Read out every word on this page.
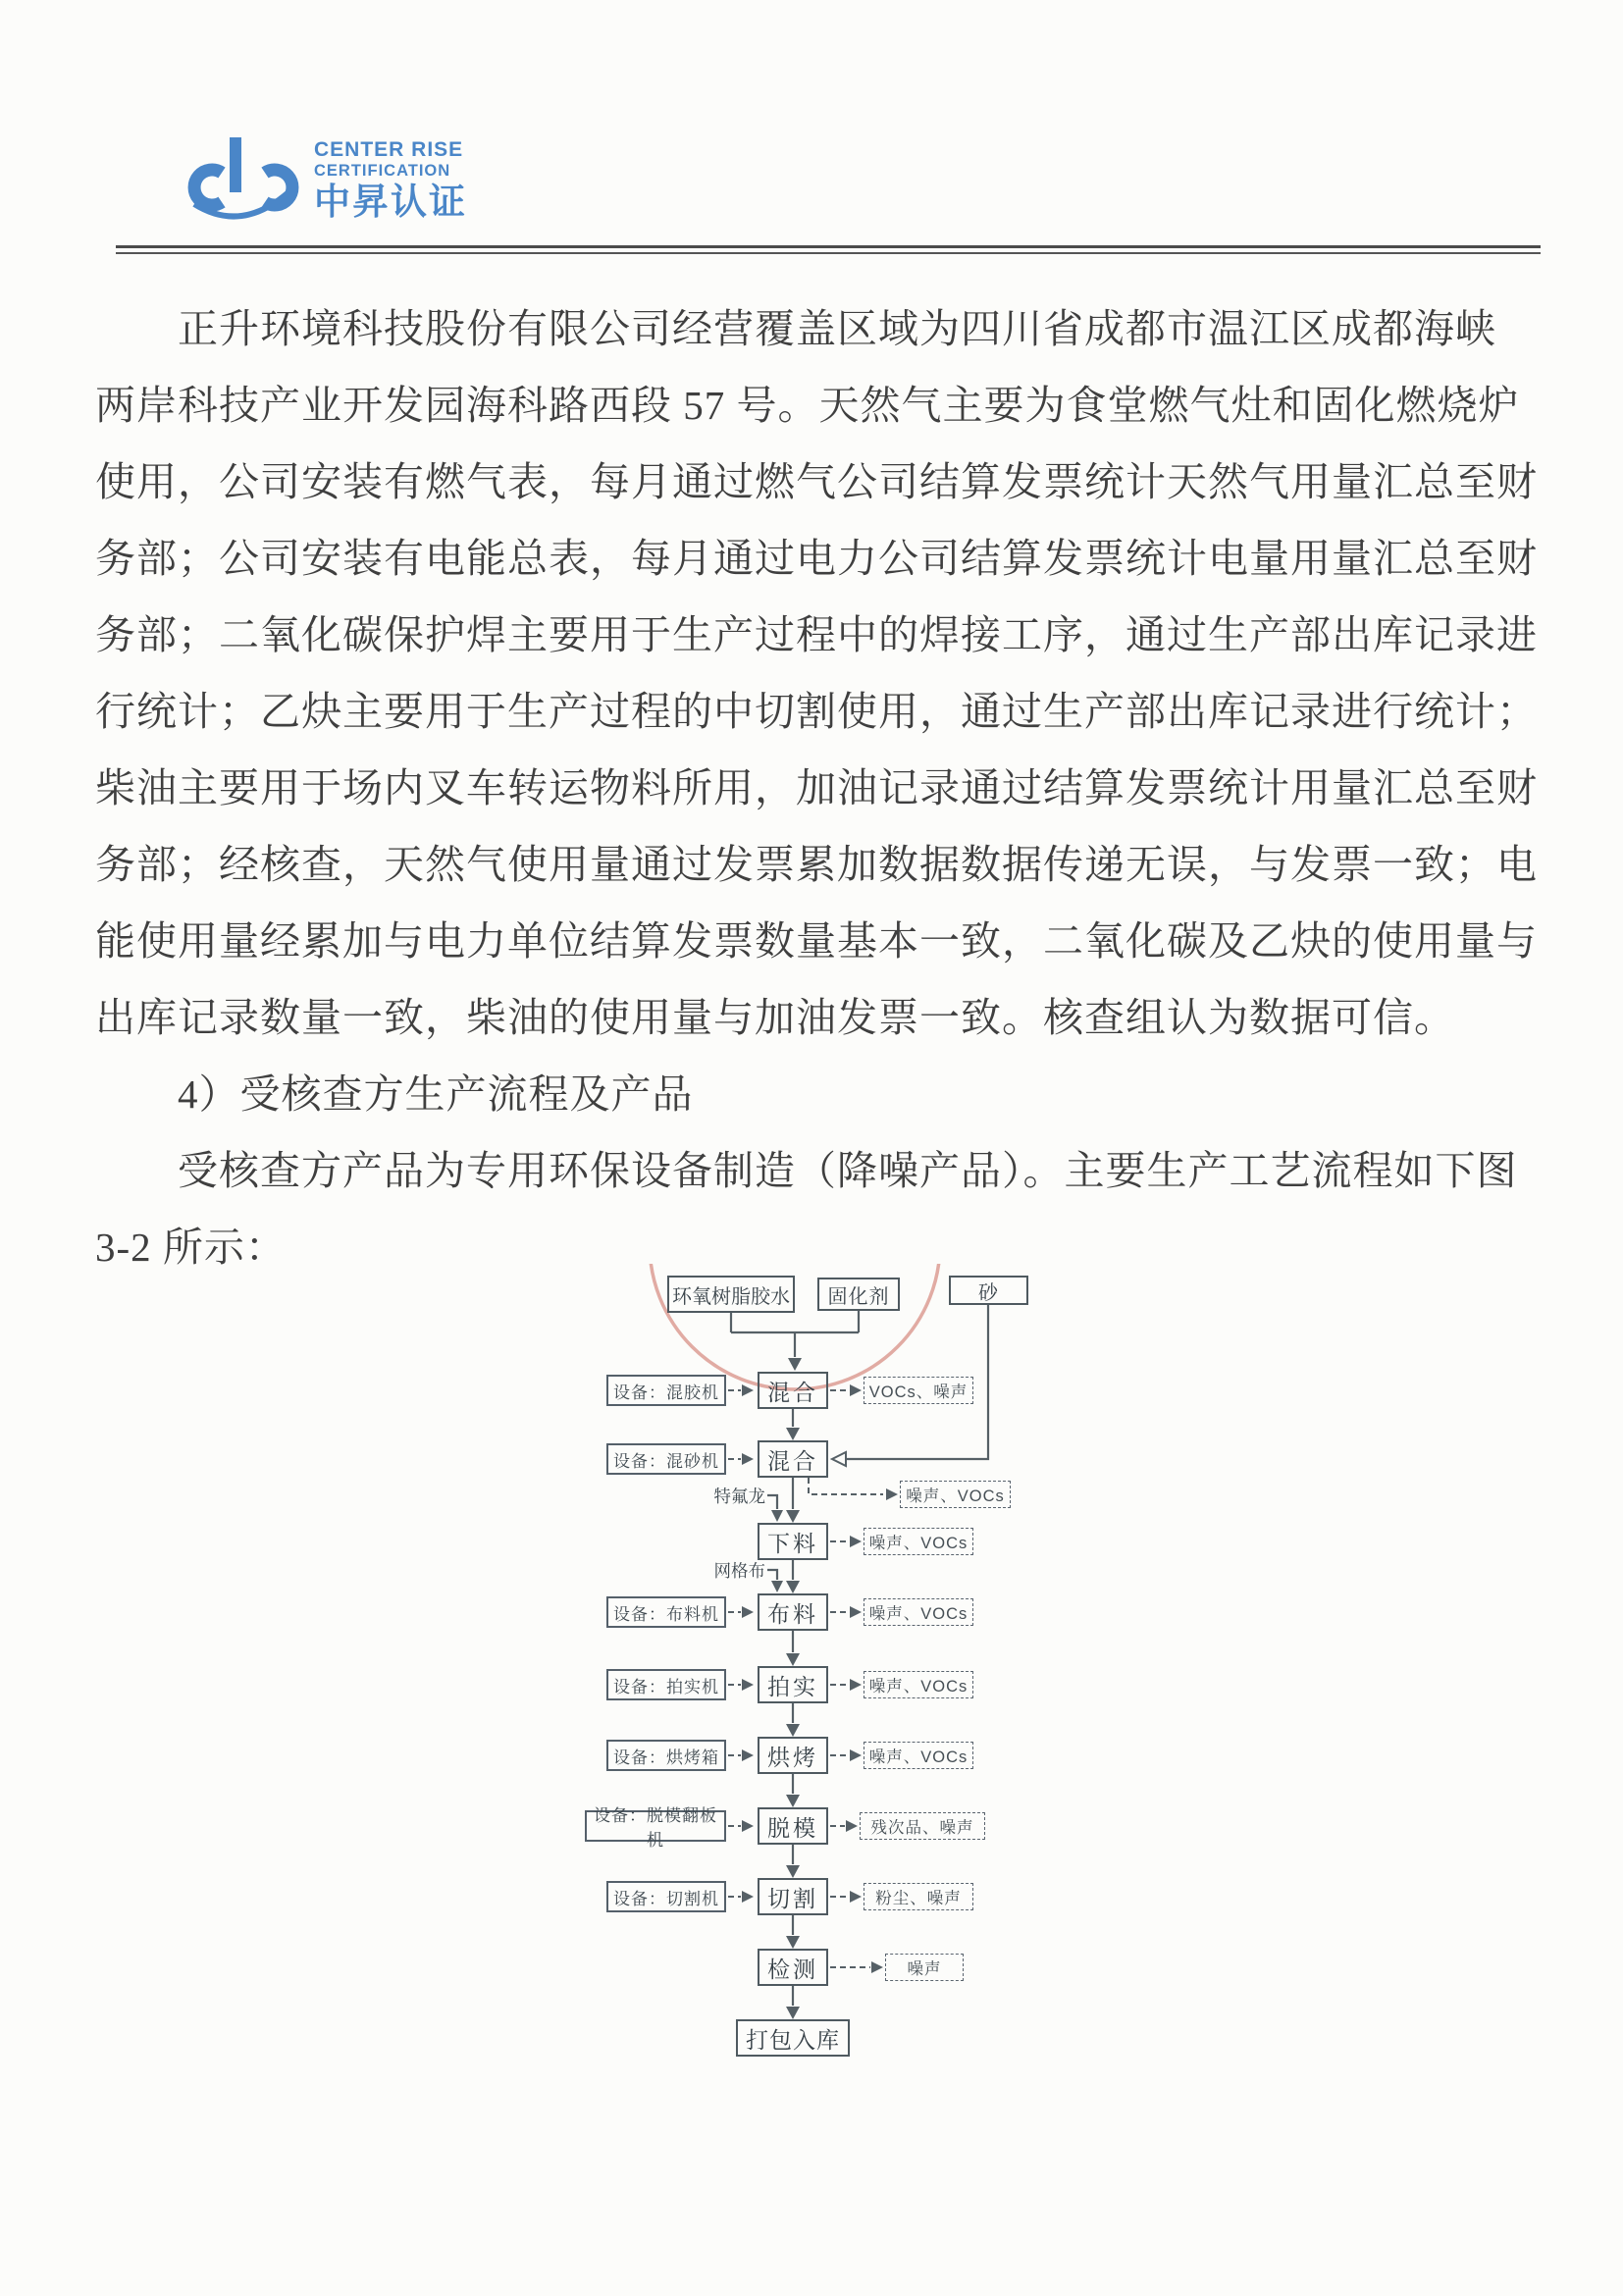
CENTER RISE
CERTIFICATION
中昇认证

正升环境科技股份有限公司经营覆盖区域为四川省成都市温江区成都海峡

两岸科技产业开发园海科路西段 57 号。天然气主要为食堂燃气灶和固化燃烧炉

使用，公司安装有燃气表，每月通过燃气公司结算发票统计天然气用量汇总至财

务部；公司安装有电能总表，每月通过电力公司结算发票统计电量用量汇总至财

务部；二氧化碳保护焊主要用于生产过程中的焊接工序，通过生产部出库记录进

行统计；乙炔主要用于生产过程的中切割使用，通过生产部出库记录进行统计；

柴油主要用于场内叉车转运物料所用，加油记录通过结算发票统计用量汇总至财

务部；经核查，天然气使用量通过发票累加数据数据传递无误，与发票一致；电

能使用量经累加与电力单位结算发票数量基本一致，二氧化碳及乙炔的使用量与

出库记录数量一致，柴油的使用量与加油发票一致。核查组认为数据可信。

4）受核查方生产流程及产品

受核查方产品为专用环保设备制造（降噪产品）。主要生产工艺流程如下图

3-2 所示：

环氧树脂胶水	固化剂	砂
特氟龙
网格布
混合
混合
下料
布料
拍实
烘烤
脱模
切割
检测
打包入库
设备：混胶机
设备：混砂机
设备：布料机
设备：拍实机
设备：烘烤箱
设备：脱模翻板机
设备：切割机
VOCs、噪声
噪声、VOCs
噪声、VOCs
噪声、VOCs
噪声、VOCs
噪声、VOCs
残次品、噪声
粉尘、噪声
噪声
